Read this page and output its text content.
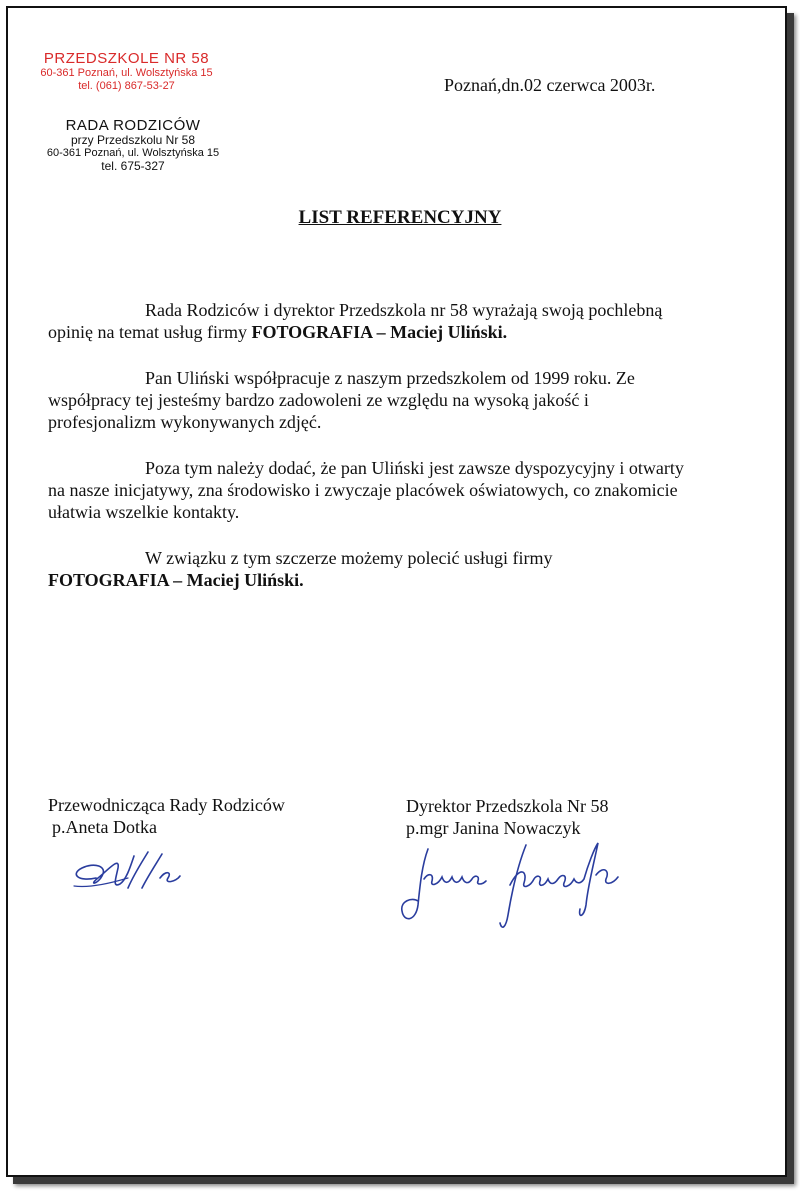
PRZEDSZKOLE NR 58
60-361 Poznań, ul. Wolsztyńska 15
tel. (061) 867-53-27
RADA RODZICÓW
przy Przedszkolu Nr 58
60-361 Poznań, ul. Wolsztyńska 15
tel. 675-327
Poznań,dn.02 czerwca 2003r.
LIST REFERENCYJNY
Rada Rodziców i dyrektor Przedszkola nr 58 wyrażają swoją pochlebną opinię na temat usług firmy FOTOGRAFIA – Maciej Uliński.
Pan Uliński współpracuje z naszym przedszkolem od 1999 roku. Ze współpracy tej jesteśmy bardzo zadowoleni ze względu na wysoką jakość i profesjonalizm wykonywanych zdjęć.
Poza tym należy dodać, że pan Uliński jest zawsze dyspozycyjny i otwarty na nasze inicjatywy, zna środowisko i zwyczaje placówek oświatowych, co znakomicie ułatwia wszelkie kontakty.
W związku z tym szczerze możemy polecić usługi firmy
FOTOGRAFIA – Maciej Uliński.
Przewodnicząca Rady Rodziców
p.Aneta Dotka
Dyrektor Przedszkola Nr 58
p.mgr Janina Nowaczyk
